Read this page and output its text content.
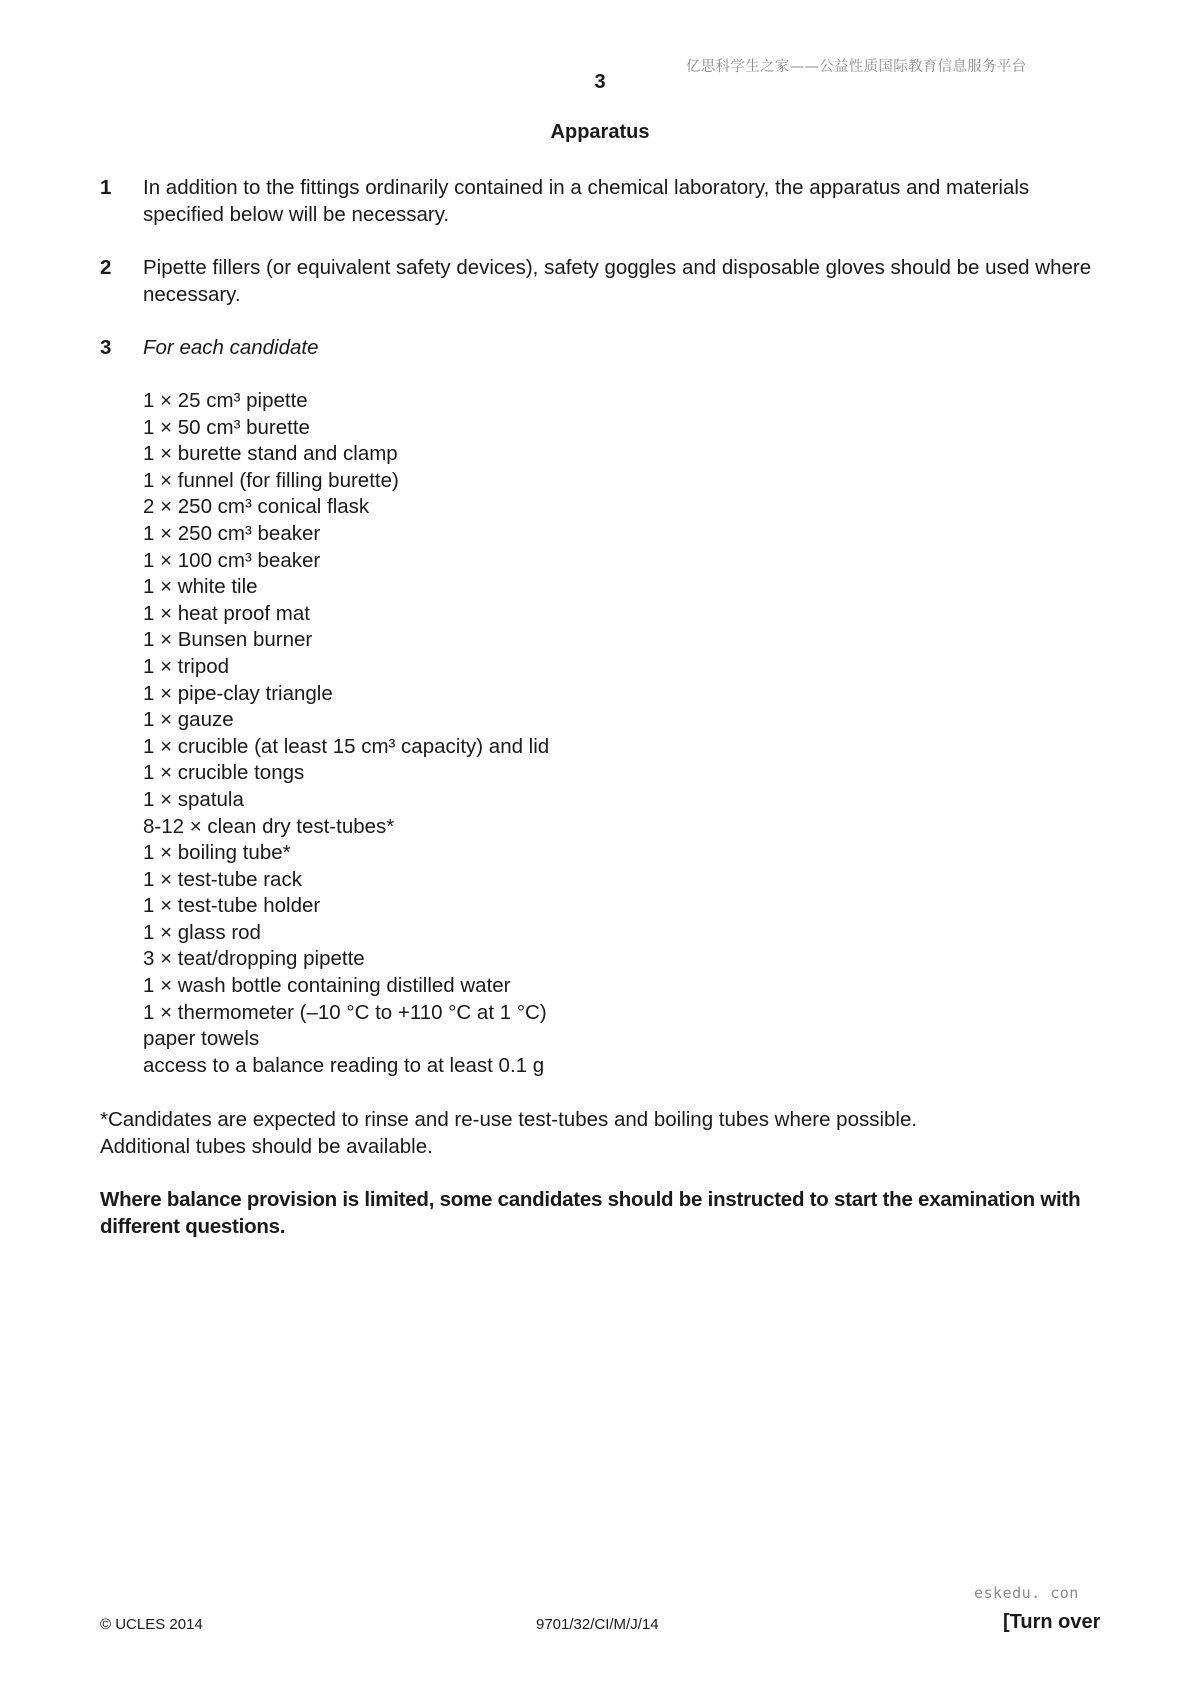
亿思科学生之家——公益性质国际教育信息服务平台
3
Apparatus
1 In addition to the fittings ordinarily contained in a chemical laboratory, the apparatus and materials specified below will be necessary.
2 Pipette fillers (or equivalent safety devices), safety goggles and disposable gloves should be used where necessary.
3 For each candidate
1 × 25 cm³ pipette
1 × 50 cm³ burette
1 × burette stand and clamp
1 × funnel (for filling burette)
2 × 250 cm³ conical flask
1 × 250 cm³ beaker
1 × 100 cm³ beaker
1 × white tile
1 × heat proof mat
1 × Bunsen burner
1 × tripod
1 × pipe-clay triangle
1 × gauze
1 × crucible (at least 15 cm³ capacity) and lid
1 × crucible tongs
1 × spatula
8-12 × clean dry test-tubes*
1 × boiling tube*
1 × test-tube rack
1 × test-tube holder
1 × glass rod
3 × teat/dropping pipette
1 × wash bottle containing distilled water
1 × thermometer (–10 °C to +110 °C at 1 °C)
paper towels
access to a balance reading to at least 0.1 g
*Candidates are expected to rinse and re-use test-tubes and boiling tubes where possible.
Additional tubes should be available.
Where balance provision is limited, some candidates should be instructed to start the examination with different questions.
eskedu. con
© UCLES 2014	9701/32/CI/M/J/14	[Turn over
